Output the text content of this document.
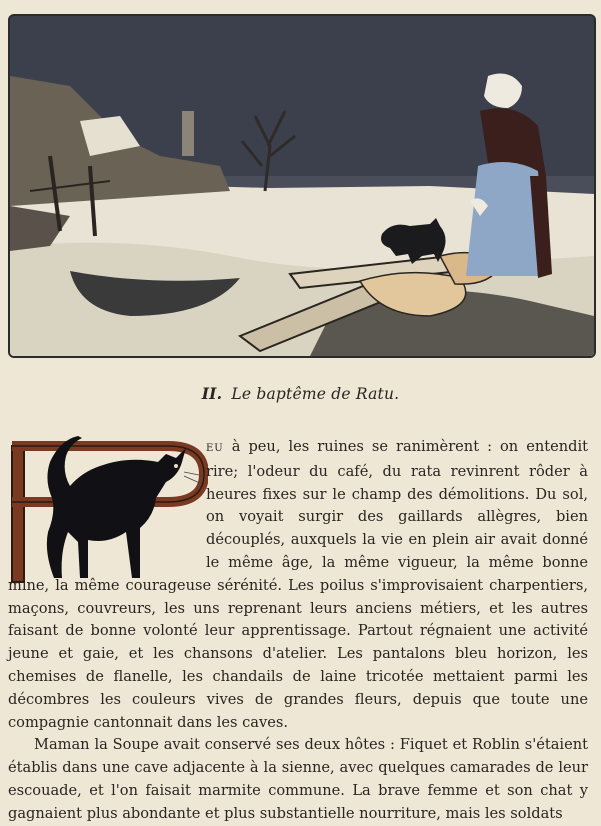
II. Le baptême de Ratu.

EU à peu, les ruines se ranimèrent : on entendit rire; l'odeur du café, du rata revinrent rôder à heures fixes sur le champ des démolitions. Du sol, on voyait surgir des gaillards allègres, bien découplés, auxquels la vie en plein air avait donné le même âge, la même vigueur, la même bonne mine, la même courageuse sérénité. Les poilus s'improvisaient charpentiers, maçons, couvreurs, les uns reprenant leurs anciens métiers, et les autres faisant de bonne volonté leur apprentissage. Partout régnaient une activité jeune et gaie, et les chansons d'atelier. Les pantalons bleu horizon, les chemises de flanelle, les chandails de laine tricotée mettaient parmi les décombres les couleurs vives de grandes fleurs, depuis que toute une compagnie cantonnait dans les caves.

Maman la Soupe avait conservé ses deux hôtes : Fiquet et Roblin s'étaient établis dans une cave adjacente à la sienne, avec quelques camarades de leur escouade, et l'on faisait marmite commune. La brave femme et son chat y gagnaient plus abondante et plus substantielle nourriture, mais les soldats
